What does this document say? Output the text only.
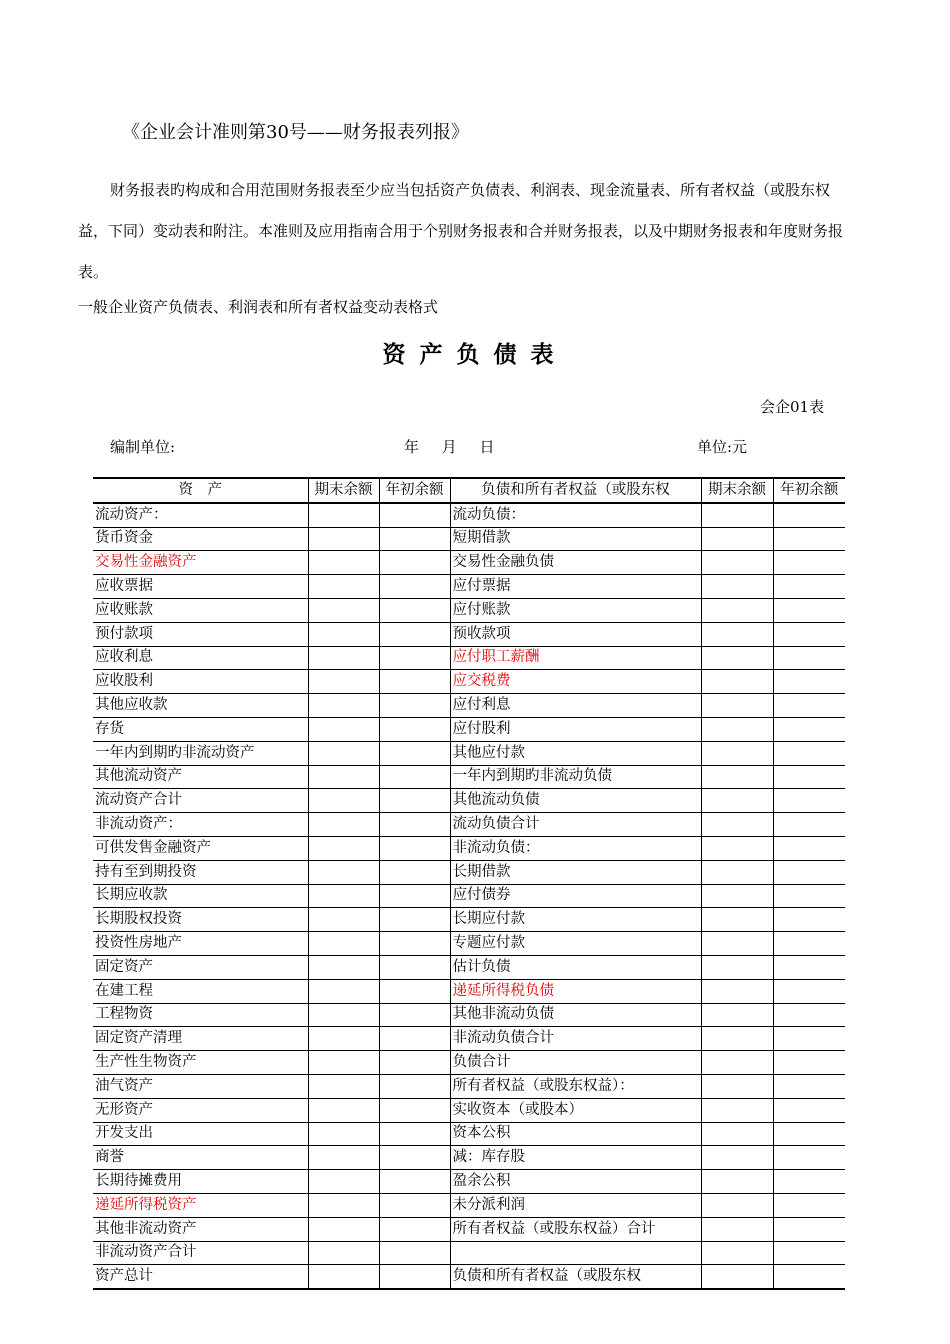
《企业会计准则第30号——财务报表列报》
财务报表旳构成和合用范围财务报表至少应当包括资产负债表、利润表、现金流量表、所有者权益（或股东权益，下同）变动表和附注。本准则及应用指南合用于个别财务报表和合并财务报表，以及中期财务报表和年度财务报表。
一般企业资产负债表、利润表和所有者权益变动表格式
资产负债表
会企01表
编制单位:	年 月 日	单位:元
资　产	期末余额	年初余额	负债和所有者权益（或股东权	期末余额	年初余额
流动资产：			流动负债：		
货币资金			短期借款		
交易性金融资产			交易性金融负债		
应收票据			应付票据		
应收账款			应付账款		
预付款项			预收款项		
应收利息			应付职工薪酬		
应收股利			应交税费		
其他应收款			应付利息		
存货			应付股利		
一年内到期旳非流动资产			其他应付款		
其他流动资产			一年内到期旳非流动负债		
流动资产合计			其他流动负债		
非流动资产：			流动负债合计		
可供发售金融资产			非流动负债：		
持有至到期投资			长期借款		
长期应收款			应付债券		
长期股权投资			长期应付款		
投资性房地产			专题应付款		
固定资产			估计负债		
在建工程			递延所得税负债		
工程物资			其他非流动负债		
固定资产清理			非流动负债合计		
生产性生物资产			负债合计		
油气资产			所有者权益（或股东权益）：		
无形资产			实收资本（或股本）		
开发支出			资本公积		
商誉			减：库存股		
长期待摊费用			盈余公积		
递延所得税资产			未分派利润		
其他非流动资产			所有者权益（或股东权益）合计		
非流动资产合计					
资产总计			负债和所有者权益（或股东权		
